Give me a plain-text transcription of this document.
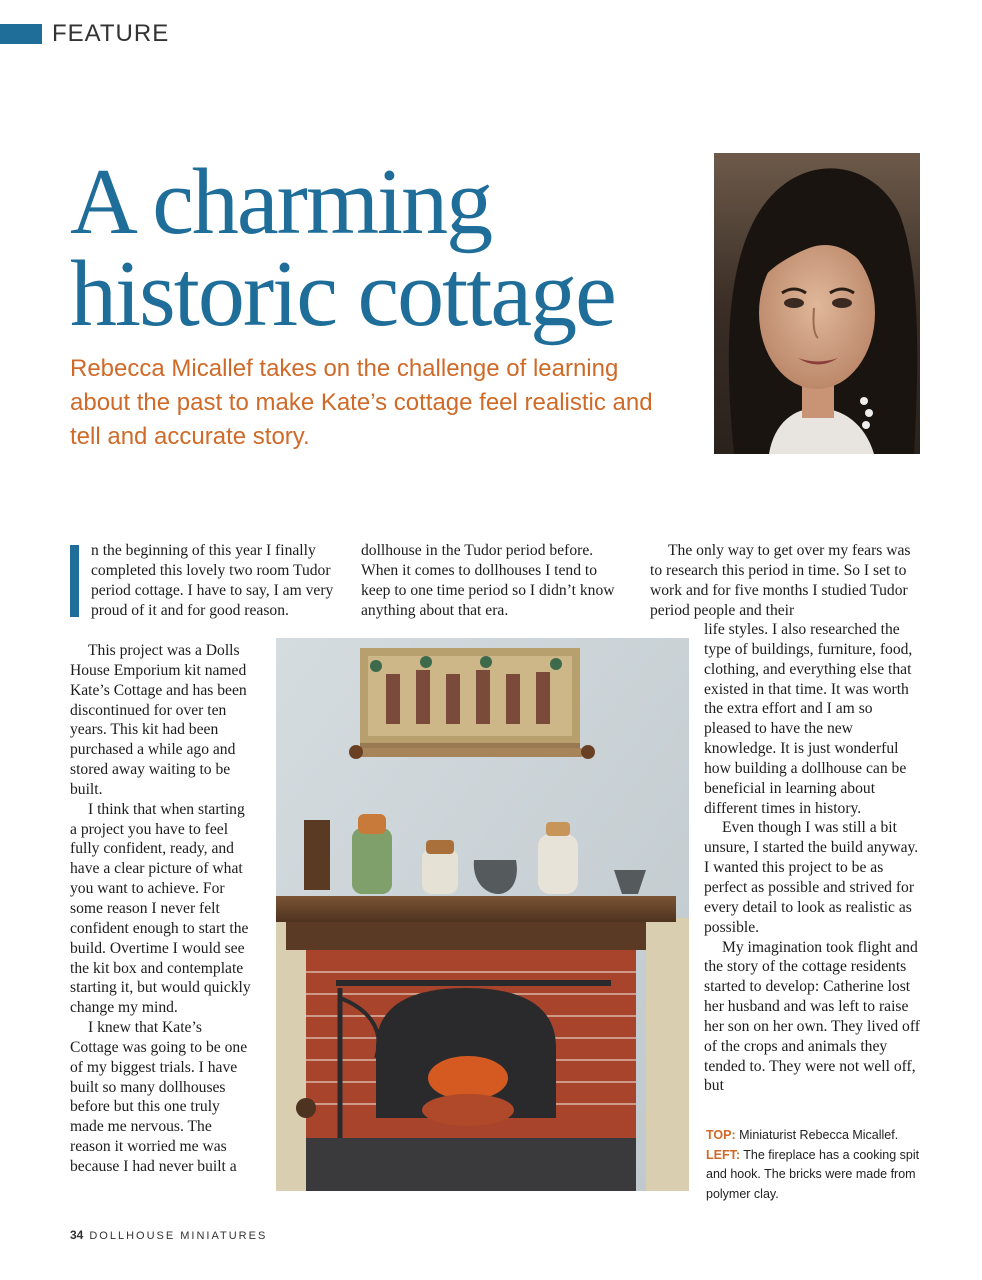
FEATURE
A charming
historic cottage

Rebecca Micallef takes on the challenge of learning about the past to make Kate’s cottage feel realistic and tell and accurate story.

n the beginning of this year I finally completed this lovely two room Tudor period cottage. I have to say, I am very proud of it and for good reason.

This project was a Dolls House Emporium kit named Kate’s Cottage and has been discontinued for over ten years. This kit had been purchased a while ago and stored away waiting to be built.

I think that when starting a project you have to feel fully confident, ready, and have a clear picture of what you want to achieve. For some reason I never felt confident enough to start the build. Overtime I would see the kit box and contemplate starting it, but would quickly change my mind.

I knew that Kate’s Cottage was going to be one of my biggest trials. I have built so many dollhouses before but this one truly made me nervous. The reason it worried me was because I had never built a

dollhouse in the Tudor period before. When it comes to dollhouses I tend to keep to one time period so I didn’t know anything about that era.

The only way to get over my fears was to research this period in time. So I set to work and for five months I studied Tudor period people and their

life styles. I also researched the type of buildings, furniture, food, clothing, and everything else that existed in that time. It was worth the extra effort and I am so pleased to have the new knowledge. It is just wonderful how building a dollhouse can be beneficial in learning about different times in history.

Even though I was still a bit unsure, I started the build anyway. I wanted this project to be as perfect as possible and strived for every detail to look as realistic as possible.

My imagination took flight and the story of the cottage residents started to develop: Catherine lost her husband and was left to raise her son on her own. They lived off of the crops and animals they tended to. They were not well off, but

TOP: Miniaturist Rebecca Micallef.
LEFT: The fireplace has a cooking spit and hook. The bricks were made from polymer clay.

34 DOLLHOUSE MINIATURES
